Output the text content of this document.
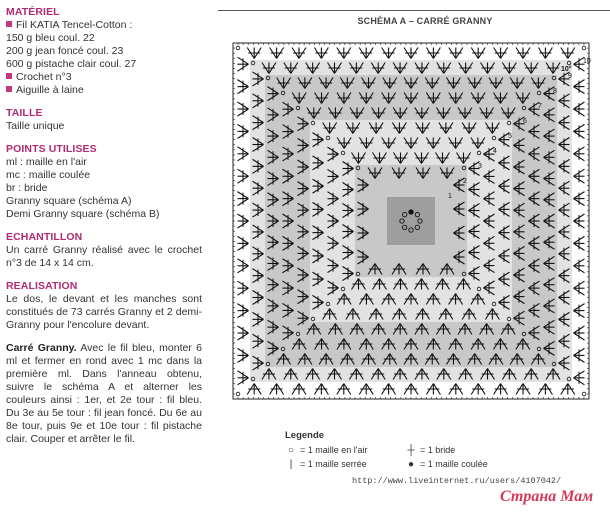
MATÉRIEL
Fil KATIA Tencel-Cotton :
150 g bleu coul. 22
200 g jean foncé coul. 23
600 g pistache clair coul. 27
Crochet n°3
Aiguille à laine
TAILLE
Taille unique
POINTS UTILISES
ml : maille en l'air
mc : maille coulée
br : bride
Granny square (schéma A)
Demi Granny square (schéma B)
ECHANTILLON
Un carré Granny réalisé avec le crochet n°3 de 14 x 14 cm.
REALISATION
Le dos, le devant et les manches sont constitués de 73 carrés Granny et 2 demi-Granny pour l'encolure devant.
Carré Granny. Avec le fil bleu, monter 6 ml et fermer en rond avec 1 mc dans la première ml. Dans l'anneau obtenu, suivre le schéma A et alterner les couleurs ainsi : 1er, et 2e tour : fil bleu. Du 3e au 5e tour : fil jean foncé. Du 6e au 8e tour, puis 9e et 10e tour : fil pistache clair. Couper et arrêter le fil.
SCHÉMA A – CARRÉ GRANNY
1
2
3
4
5
6
7
8
9
10
10°
Legende
○ = 1 maille en l'air	┼ = 1 bride
| = 1 maille serrée	● = 1 maille coulée
http://www.liveinternet.ru/users/4107042/
Страна Мам
